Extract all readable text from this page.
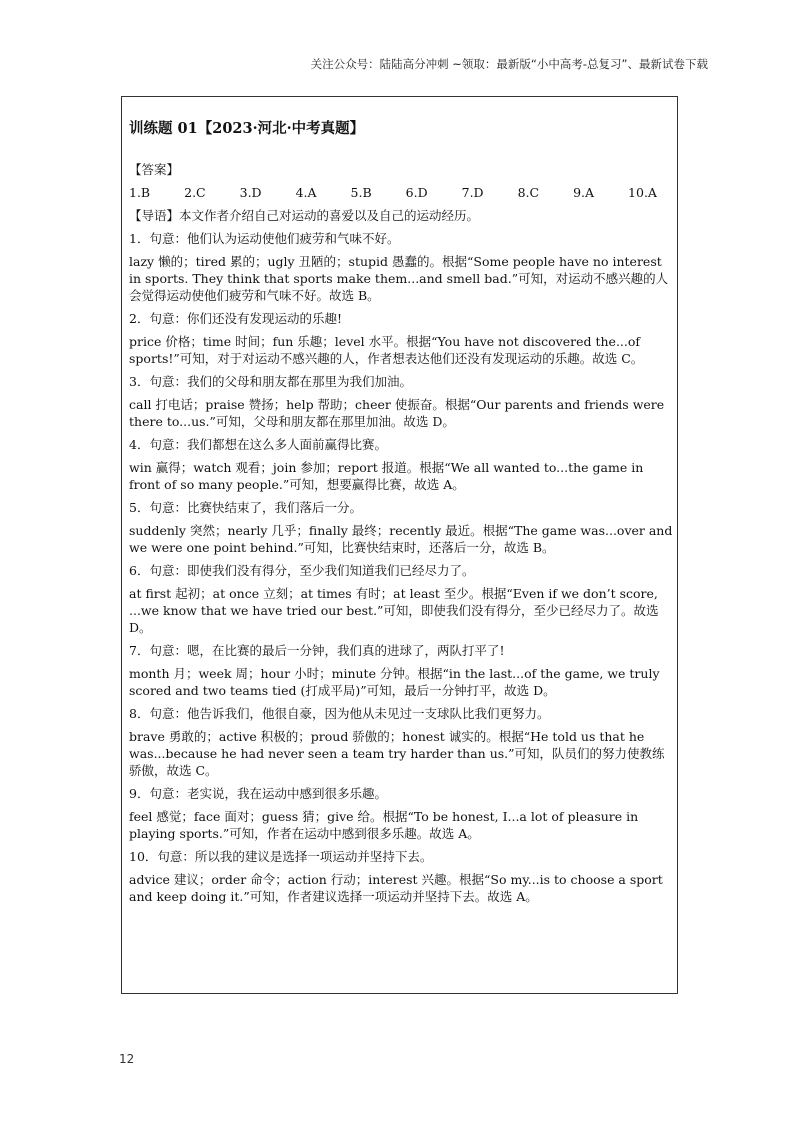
关注公众号：陆陆高分冲刺 ~领取：最新版“小中高考-总复习”、最新试卷下载
训练题 01【2023·河北·中考真题】
【答案】
1.B	2.C	3.D	4.A	5.B	6.D	7.D	8.C	9.A	10.A
【导语】本文作者介绍自己对运动的喜爱以及自己的运动经历。
1．句意：他们认为运动使他们疲劳和气味不好。
lazy 懒的；tired 累的；ugly 丑陋的；stupid 愚蠢的。根据“Some people have no interest in sports. They think that sports make them...and smell bad.”可知，对运动不感兴趣的人会觉得运动使他们疲劳和气味不好。故选 B。
2．句意：你们还没有发现运动的乐趣!
price 价格；time 时间；fun 乐趣；level 水平。根据“You have not discovered the...of sports!”可知，对于对运动不感兴趣的人，作者想表达他们还没有发现运动的乐趣。故选 C。
3．句意：我们的父母和朋友都在那里为我们加油。
call 打电话；praise 赞扬；help 帮助；cheer 使振奋。根据“Our parents and friends were there to...us.”可知，父母和朋友都在那里加油。故选 D。
4．句意：我们都想在这么多人面前赢得比赛。
win 赢得；watch 观看；join 参加；report 报道。根据“We all wanted to...the game in front of so many people.”可知，想要赢得比赛，故选 A。
5．句意：比赛快结束了，我们落后一分。
suddenly 突然；nearly 几乎；finally 最终；recently 最近。根据“The game was...over and we were one point behind.”可知，比赛快结束时，还落后一分，故选 B。
6．句意：即使我们没有得分，至少我们知道我们已经尽力了。
at first 起初；at once 立刻；at times 有时；at least 至少。根据“Even if we don’t score, ...we know that we have tried our best.”可知，即使我们没有得分，至少已经尽力了。故选 D。
7．句意：嗯，在比赛的最后一分钟，我们真的进球了，两队打平了!
month 月；week 周；hour 小时；minute 分钟。根据“in the last...of the game, we truly scored and two teams tied (打成平局)”可知，最后一分钟打平，故选 D。
8．句意：他告诉我们，他很自豪，因为他从未见过一支球队比我们更努力。
brave 勇敢的；active 积极的；proud 骄傲的；honest 诚实的。根据“He told us that he was...because he had never seen a team try harder than us.”可知，队员们的努力使教练骄傲，故选 C。
9．句意：老实说，我在运动中感到很多乐趣。
feel 感觉；face 面对；guess 猜；give 给。根据“To be honest, I...a lot of pleasure in playing sports.”可知，作者在运动中感到很多乐趣。故选 A。
10．句意：所以我的建议是选择一项运动并坚持下去。
advice 建议；order 命令；action 行动；interest 兴趣。根据“So my...is to choose a sport and keep doing it.”可知，作者建议选择一项运动并坚持下去。故选 A。
12
